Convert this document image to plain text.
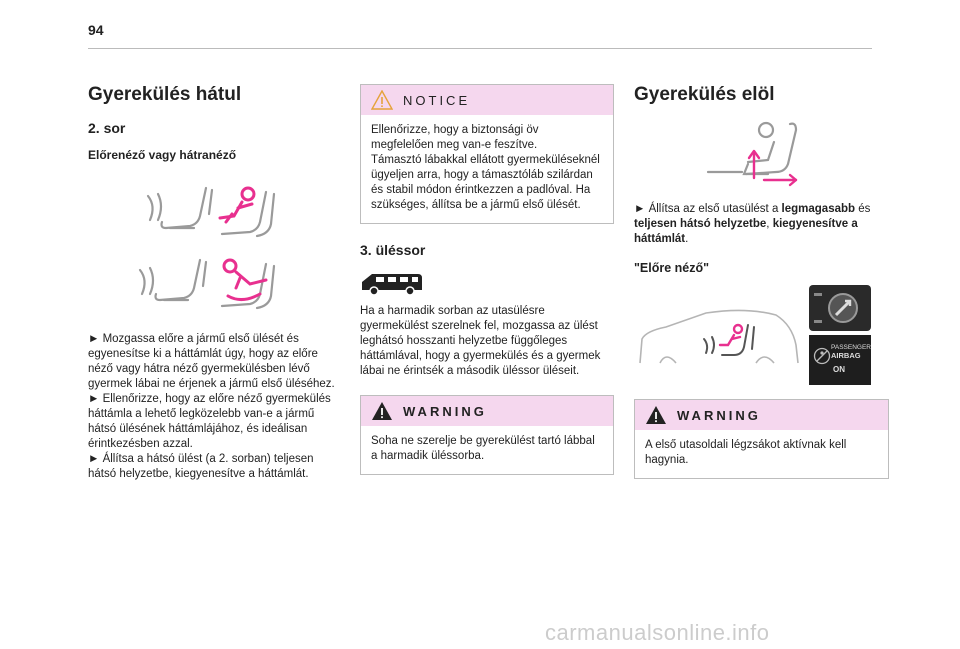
94
Gyerekülés hátul
2. sor
Előrenéző vagy hátranéző

► Mozgassa előre a jármű első ülését és egyenesítse ki a háttámlát úgy, hogy az előre néző vagy hátra néző gyermekülésben lévő gyermek lábai ne érjenek a jármű első üléséhez.

► Ellenőrizze, hogy az előre néző gyermekülés háttámla a lehető legközelebb van-e a jármű hátsó ülésének háttámlájához, és ideálisan érintkezésben azzal.

► Állítsa a hátsó ülést (a 2. sorban) teljesen hátsó helyzetbe, kiegyenesítve a háttámlát.

NOTICE
Ellenőrizze, hogy a biztonsági öv megfelelően meg van-e feszítve.
Támasztó lábakkal ellátott gyermeküléseknél ügyeljen arra, hogy a támasztóláb szilárdan és stabil módon érintkezzen a padlóval. Ha szükséges, állítsa be a jármű első ülését.
3. üléssor

Ha a harmadik sorban az utasülésre gyermekülést szerelnek fel, mozgassa az ülést leghátsó hosszanti helyzetbe függőleges háttámlával, hogy a gyermekülés és a gyermek lábai ne érintsék a második üléssor üléseit.

WARNING
Soha ne szerelje be gyerekülést tartó lábbal a harmadik üléssorba.
Gyerekülés elöl

► Állítsa az első utasülést a legmagasabb és teljesen hátsó helyzetbe, kiegyenesítve a háttámlát.

"Előre néző"
PASSENGER
AIRBAG
ON
WARNING
A első utasoldali légzsákot aktívnak kell hagynia.
carmanualsonline.info
